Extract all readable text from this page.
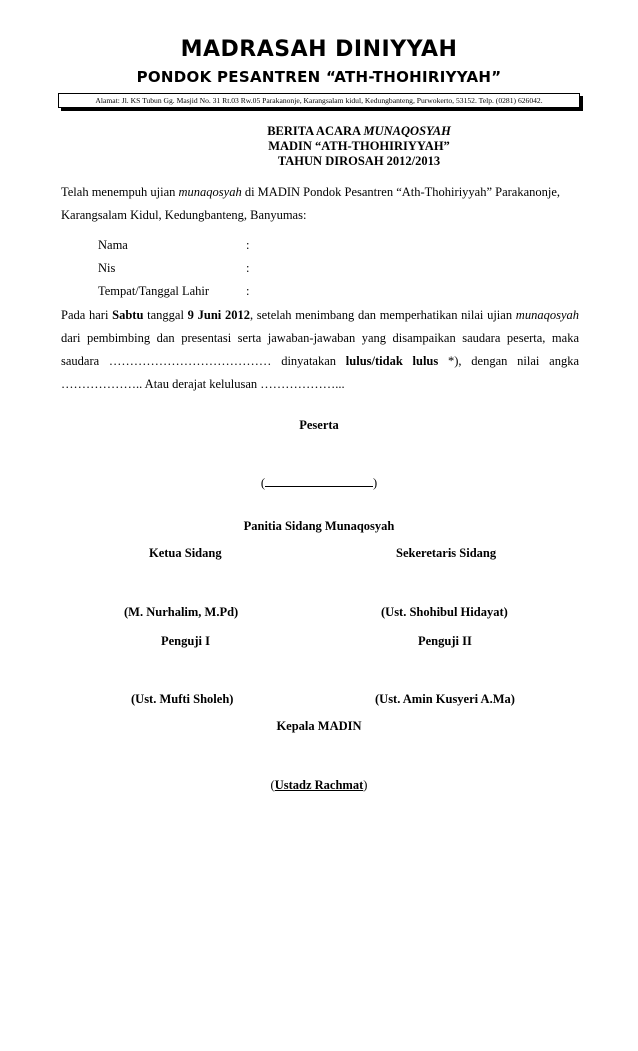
MADRASAH DINIYYAH
PONDOK PESANTREN “ATH-THOHIRIYYAH”
Alamat: Jl. KS Tubun Gg. Masjid No. 31 Rt.03 Rw.05 Parakanonje, Karangsalam kidul, Kedungbanteng, Purwokerto, 53152. Telp. (0281) 626042.
BERITA ACARA MUNAQOSYAH
MADIN “ATH-THOHIRIYYAH”
TAHUN DIROSAH 2012/2013
Telah menempuh ujian munaqosyah di MADIN Pondok Pesantren “Ath-Thohiriyyah” Parakanonje,
Karangsalam Kidul, Kedungbanteng, Banyumas:
Nama	:
Nis	:
Tempat/Tanggal Lahir	:
Pada hari Sabtu tanggal 9 Juni 2012, setelah menimbang dan memperhatikan nilai ujian munaqosyah
dari pembimbing dan presentasi serta jawaban-jawaban yang disampaikan saudara peserta, maka
saudara ………………………………… dinyatakan lulus/tidak lulus *), dengan nilai angka
……………….. Atau derajat kelulusan ………………...
Peserta
(	)
Panitia Sidang Munaqosyah
Ketua Sidang	Sekeretaris Sidang
(M. Nurhalim, M.Pd)	(Ust. Shohibul Hidayat)
Penguji I	Penguji II
(Ust. Mufti Sholeh)	(Ust. Amin Kusyeri A.Ma)
Kepala MADIN
(Ustadz Rachmat)
